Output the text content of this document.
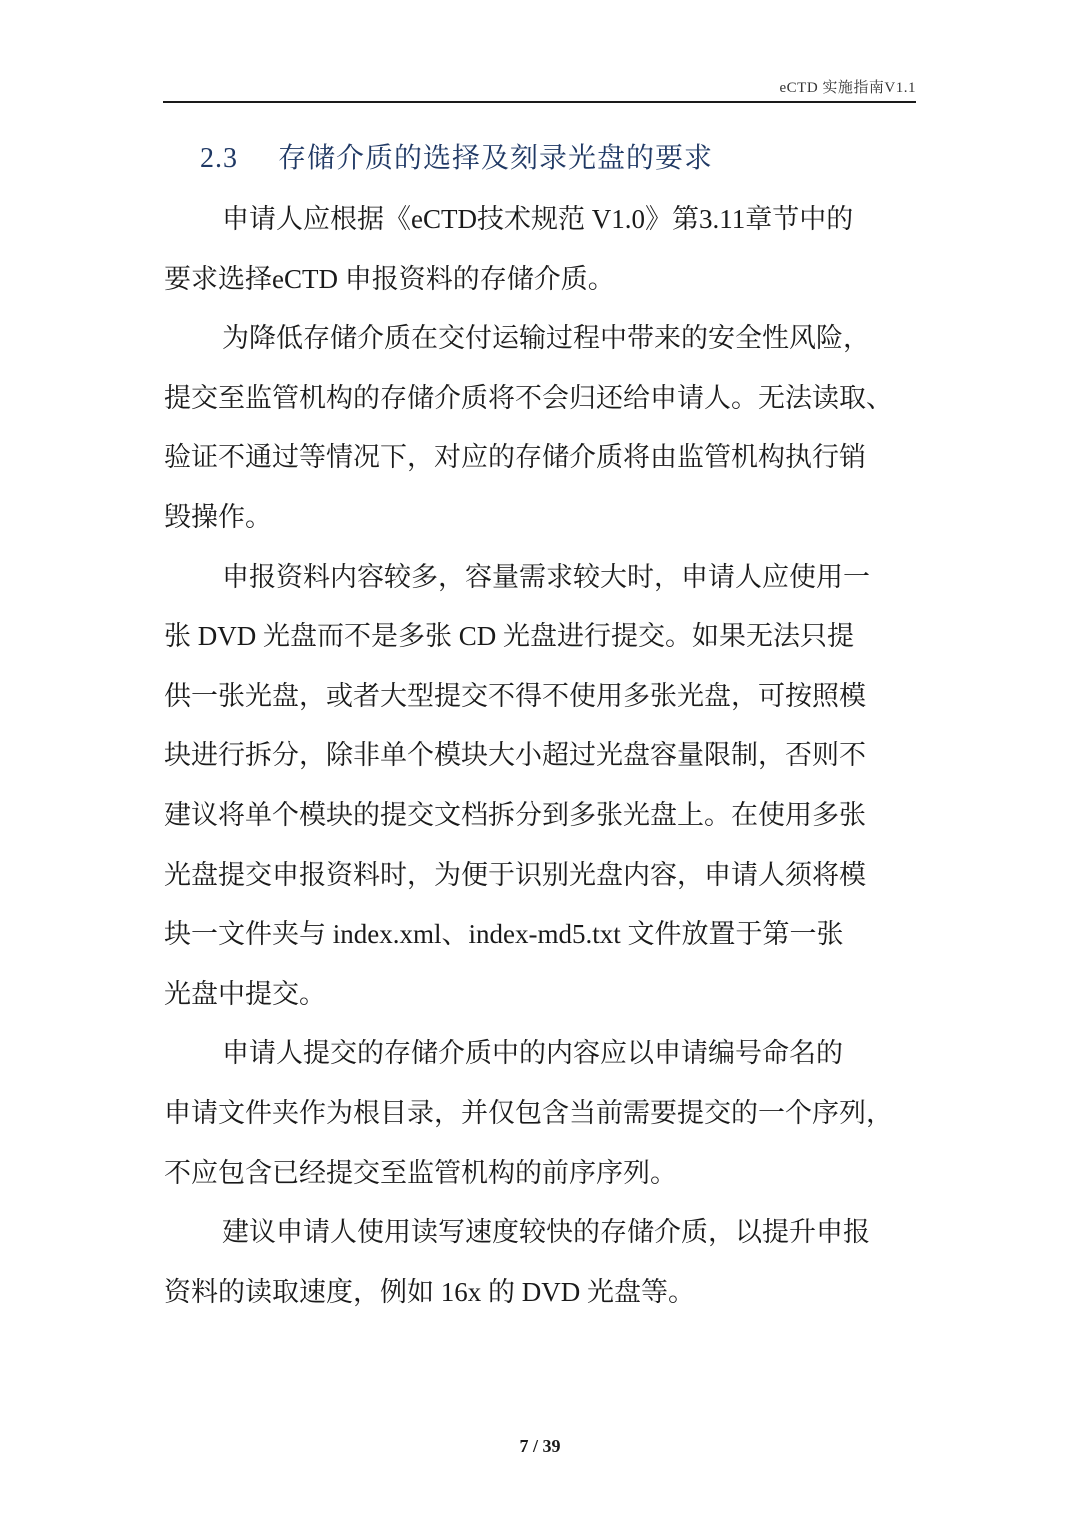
eCTD 实施指南V1.1
2.3 存储介质的选择及刻录光盘的要求

申请人应根据《eCTD技术规范 V1.0》第3.11章节中的
要求选择eCTD 申报资料的存储介质。

为降低存储介质在交付运输过程中带来的安全性风险，
提交至监管机构的存储介质将不会归还给申请人。无法读取、
验证不通过等情况下，对应的存储介质将由监管机构执行销
毁操作。

申报资料内容较多，容量需求较大时，申请人应使用一
张 DVD 光盘而不是多张 CD 光盘进行提交。如果无法只提
供一张光盘，或者大型提交不得不使用多张光盘，可按照模
块进行拆分，除非单个模块大小超过光盘容量限制，否则不
建议将单个模块的提交文档拆分到多张光盘上。在使用多张
光盘提交申报资料时，为便于识别光盘内容，申请人须将模
块一文件夹与 index.xml、index-md5.txt 文件放置于第一张
光盘中提交。

申请人提交的存储介质中的内容应以申请编号命名的
申请文件夹作为根目录，并仅包含当前需要提交的一个序列，
不应包含已经提交至监管机构的前序序列。

建议申请人使用读写速度较快的存储介质，以提升申报
资料的读取速度，例如 16x 的 DVD 光盘等。

7 / 39
